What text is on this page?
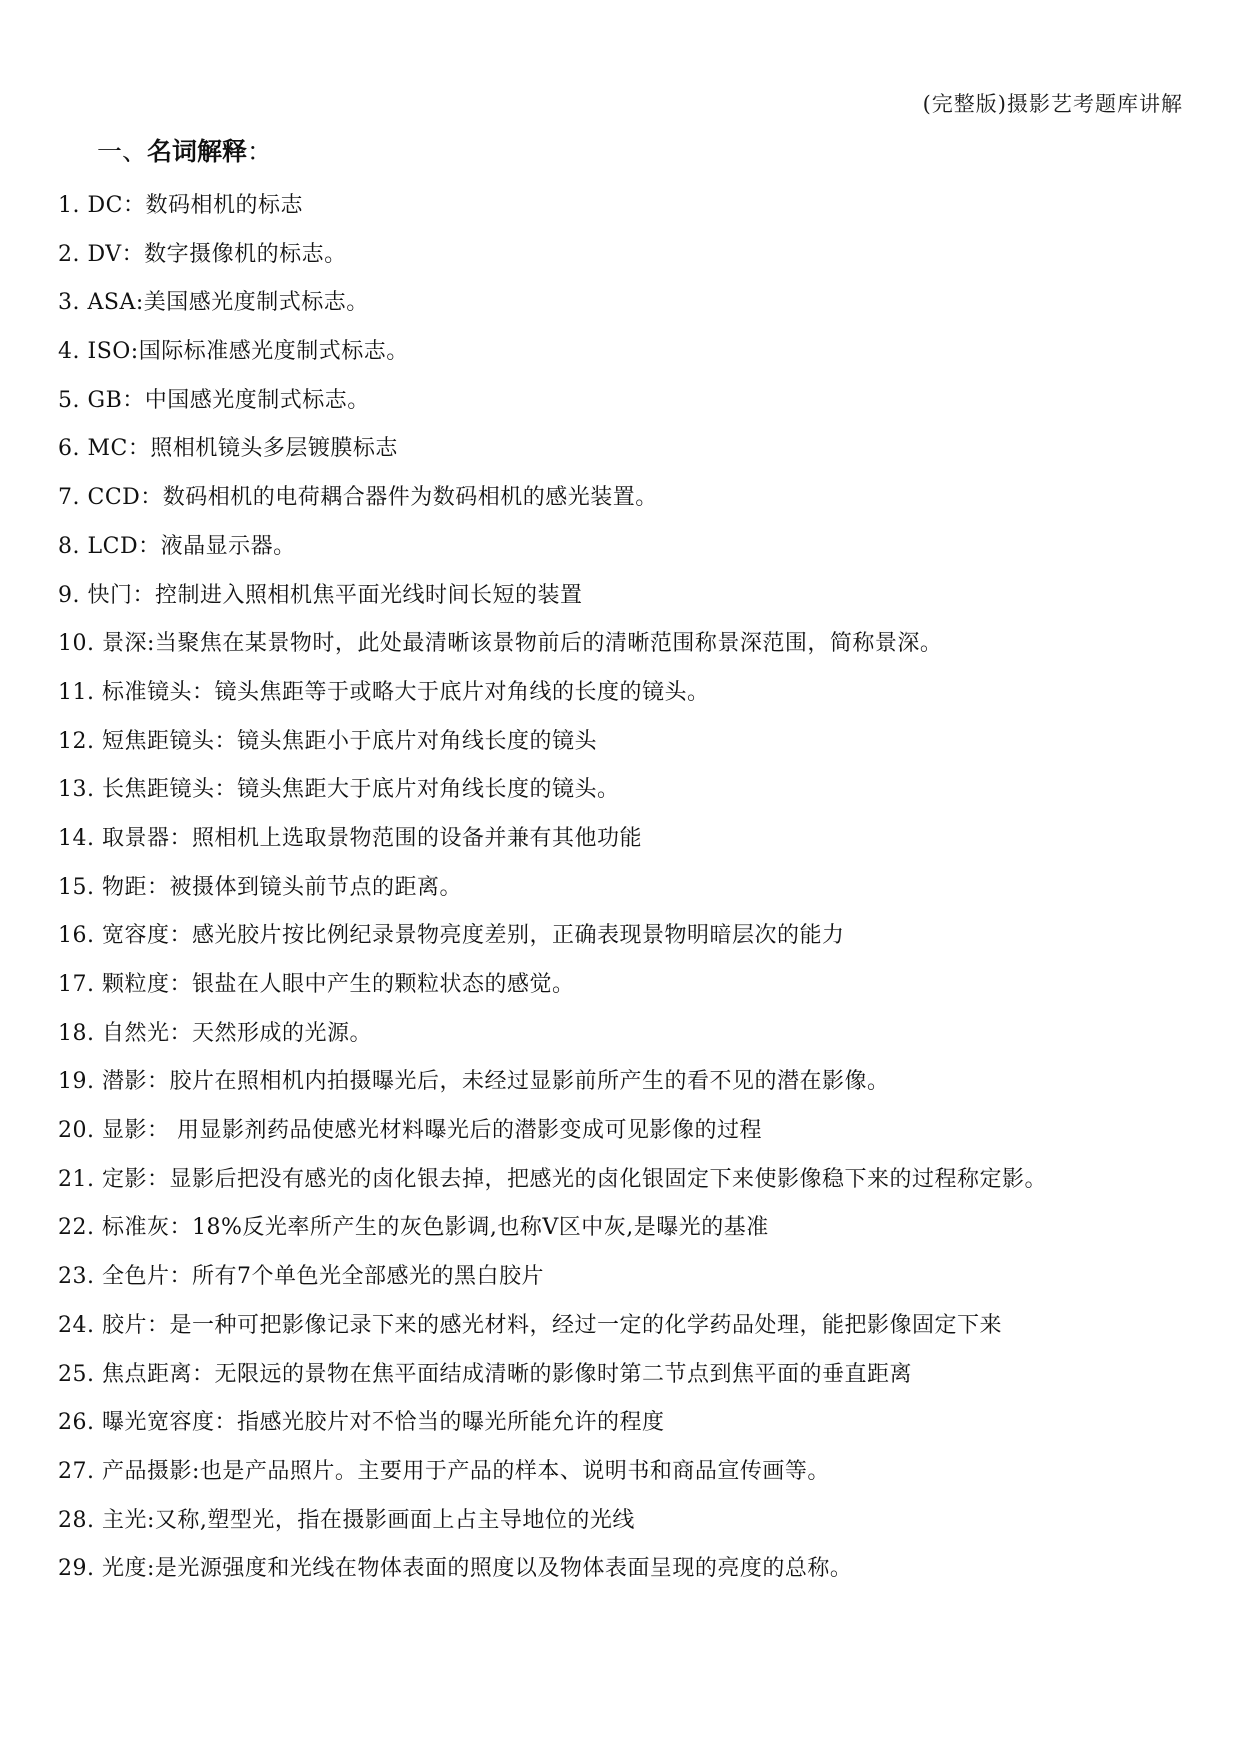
(完整版)摄影艺考题库讲解
一、名词解释：
1. DC：数码相机的标志
2. DV：数字摄像机的标志。
3. ASA:美国感光度制式标志。
4. ISO:国际标准感光度制式标志。
5. GB：中国感光度制式标志。
6. MC：照相机镜头多层镀膜标志
7. CCD：数码相机的电荷耦合器件为数码相机的感光装置。
8. LCD：液晶显示器。
9. 快门：控制进入照相机焦平面光线时间长短的装置
10. 景深:当聚焦在某景物时，此处最清晰该景物前后的清晰范围称景深范围，简称景深。
11. 标准镜头：镜头焦距等于或略大于底片对角线的长度的镜头。
12. 短焦距镜头：镜头焦距小于底片对角线长度的镜头
13. 长焦距镜头：镜头焦距大于底片对角线长度的镜头。
14. 取景器：照相机上选取景物范围的设备并兼有其他功能
15. 物距：被摄体到镜头前节点的距离。
16. 宽容度：感光胶片按比例纪录景物亮度差别，正确表现景物明暗层次的能力
17. 颗粒度：银盐在人眼中产生的颗粒状态的感觉。
18. 自然光：天然形成的光源。
19. 潜影：胶片在照相机内拍摄曝光后，未经过显影前所产生的看不见的潜在影像。
20. 显影： 用显影剂药品使感光材料曝光后的潜影变成可见影像的过程
21. 定影：显影后把没有感光的卤化银去掉，把感光的卤化银固定下来使影像稳下来的过程称定影。
22. 标准灰：18%反光率所产生的灰色影调,也称Ⅴ区中灰,是曝光的基准
23. 全色片：所有7个单色光全部感光的黑白胶片
24. 胶片：是一种可把影像记录下来的感光材料，经过一定的化学药品处理，能把影像固定下来
25. 焦点距离：无限远的景物在焦平面结成清晰的影像时第二节点到焦平面的垂直距离
26. 曝光宽容度：指感光胶片对不恰当的曝光所能允许的程度
27. 产品摄影:也是产品照片。主要用于产品的样本、说明书和商品宣传画等。
28. 主光:又称,塑型光，指在摄影画面上占主导地位的光线
29. 光度:是光源强度和光线在物体表面的照度以及物体表面呈现的亮度的总称。
